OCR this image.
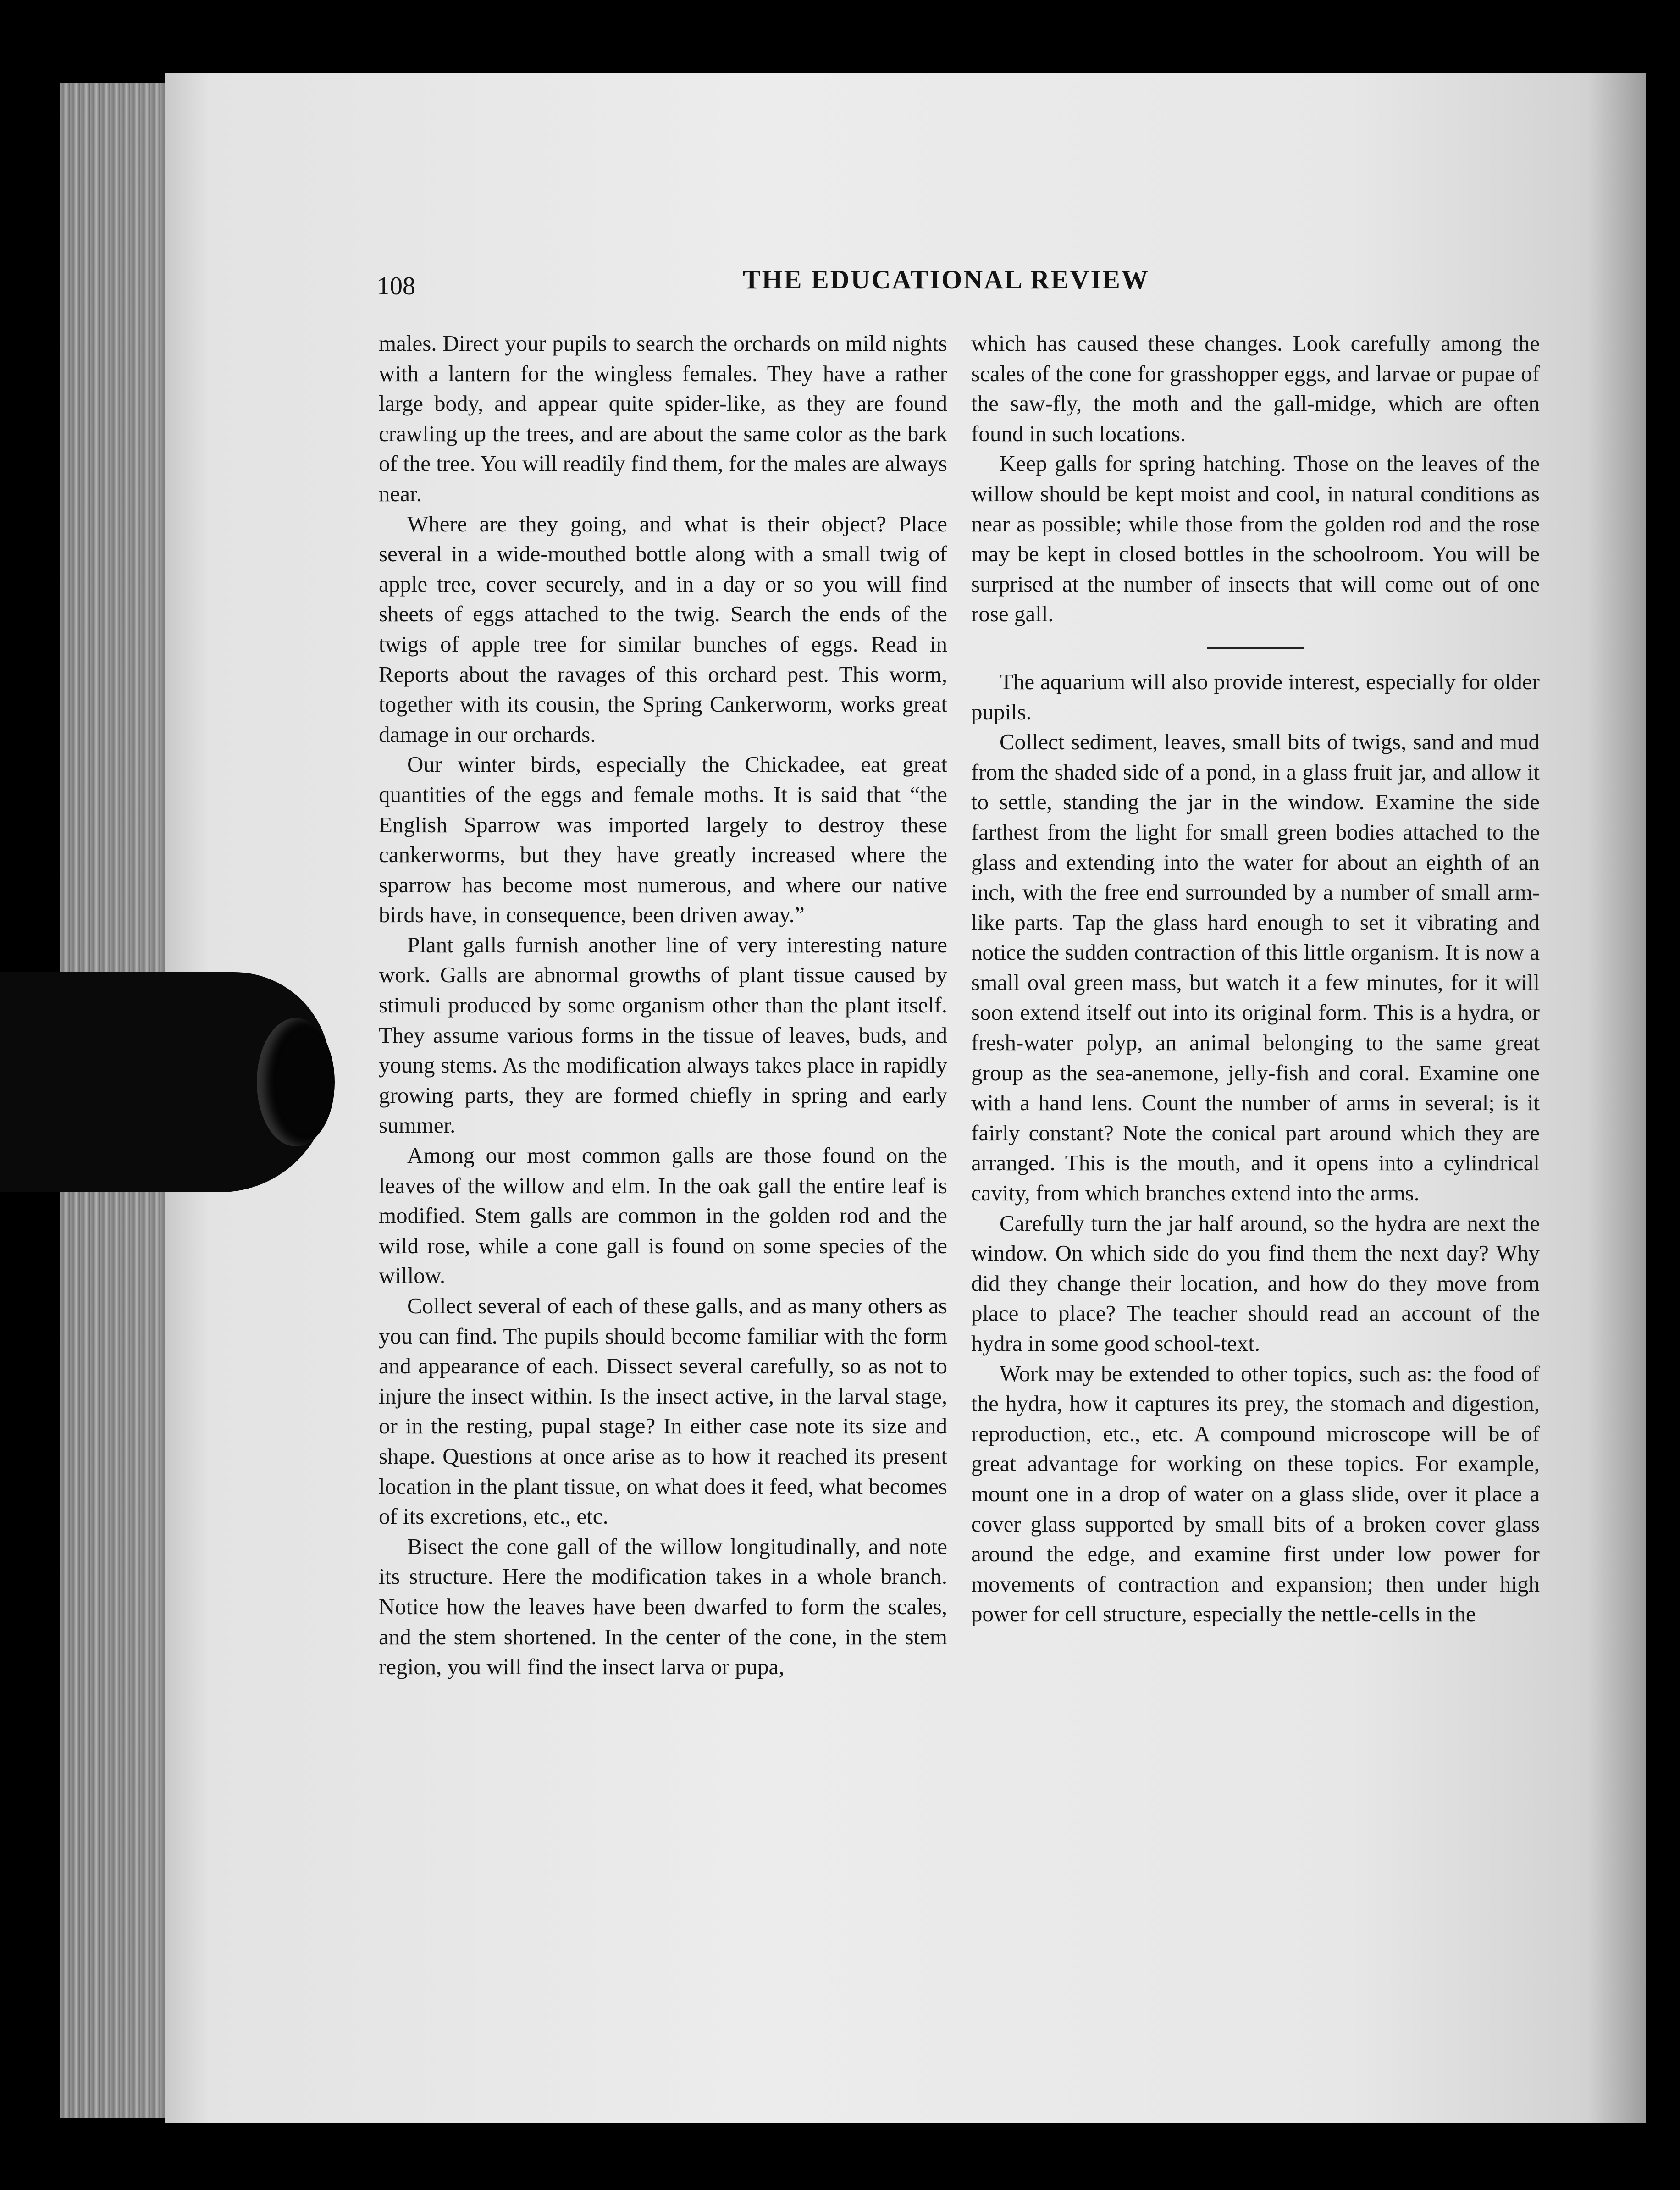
108	THE EDUCATIONAL REVIEW

males. Direct your pupils to search the orchards on mild nights with a lantern for the wingless females. They have a rather large body, and appear quite spider-like, as they are found crawling up the trees, and are about the same color as the bark of the tree. You will readily find them, for the males are always near.

Where are they going, and what is their object? Place several in a wide-mouthed bottle along with a small twig of apple tree, cover securely, and in a day or so you will find sheets of eggs attached to the twig. Search the ends of the twigs of apple tree for similar bunches of eggs. Read in Reports about the ravages of this orchard pest. This worm, together with its cousin, the Spring Cankerworm, works great damage in our orchards.

Our winter birds, especially the Chickadee, eat great quantities of the eggs and female moths. It is said that “the English Sparrow was imported largely to destroy these cankerworms, but they have greatly increased where the sparrow has become most numerous, and where our native birds have, in consequence, been driven away.”

Plant galls furnish another line of very interesting nature work. Galls are abnormal growths of plant tissue caused by stimuli produced by some organism other than the plant itself. They assume various forms in the tissue of leaves, buds, and young stems. As the modification always takes place in rapidly growing parts, they are formed chiefly in spring and early summer.

Among our most common galls are those found on the leaves of the willow and elm. In the oak gall the entire leaf is modified. Stem galls are common in the golden rod and the wild rose, while a cone gall is found on some species of the willow.

Collect several of each of these galls, and as many others as you can find. The pupils should become familiar with the form and appearance of each. Dissect several carefully, so as not to injure the insect within. Is the insect active, in the larval stage, or in the resting, pupal stage? In either case note its size and shape. Questions at once arise as to how it reached its present location in the plant tissue, on what does it feed, what becomes of its excretions, etc., etc.

Bisect the cone gall of the willow longitudinally, and note its structure. Here the modification takes in a whole branch. Notice how the leaves have been dwarfed to form the scales, and the stem shortened. In the center of the cone, in the stem region, you will find the insect larva or pupa,

which has caused these changes. Look carefully among the scales of the cone for grasshopper eggs, and larvae or pupae of the saw-fly, the moth and the gall-midge, which are often found in such locations.

Keep galls for spring hatching. Those on the leaves of the willow should be kept moist and cool, in natural conditions as near as possible; while those from the golden rod and the rose may be kept in closed bottles in the schoolroom. You will be surprised at the number of insects that will come out of one rose gall.

The aquarium will also provide interest, especially for older pupils.

Collect sediment, leaves, small bits of twigs, sand and mud from the shaded side of a pond, in a glass fruit jar, and allow it to settle, standing the jar in the window. Examine the side farthest from the light for small green bodies attached to the glass and extending into the water for about an eighth of an inch, with the free end surrounded by a number of small arm-like parts. Tap the glass hard enough to set it vibrating and notice the sudden contraction of this little organism. It is now a small oval green mass, but watch it a few minutes, for it will soon extend itself out into its original form. This is a hydra, or fresh-water polyp, an animal belonging to the same great group as the sea-anemone, jelly-fish and coral. Examine one with a hand lens. Count the number of arms in several; is it fairly constant? Note the conical part around which they are arranged. This is the mouth, and it opens into a cylindrical cavity, from which branches extend into the arms.

Carefully turn the jar half around, so the hydra are next the window. On which side do you find them the next day? Why did they change their location, and how do they move from place to place? The teacher should read an account of the hydra in some good school-text.

Work may be extended to other topics, such as: the food of the hydra, how it captures its prey, the stomach and digestion, reproduction, etc., etc. A compound microscope will be of great advantage for working on these topics. For example, mount one in a drop of water on a glass slide, over it place a cover glass supported by small bits of a broken cover glass around the edge, and examine first under low power for movements of contraction and expansion; then under high power for cell structure, especially the nettle-cells in the
